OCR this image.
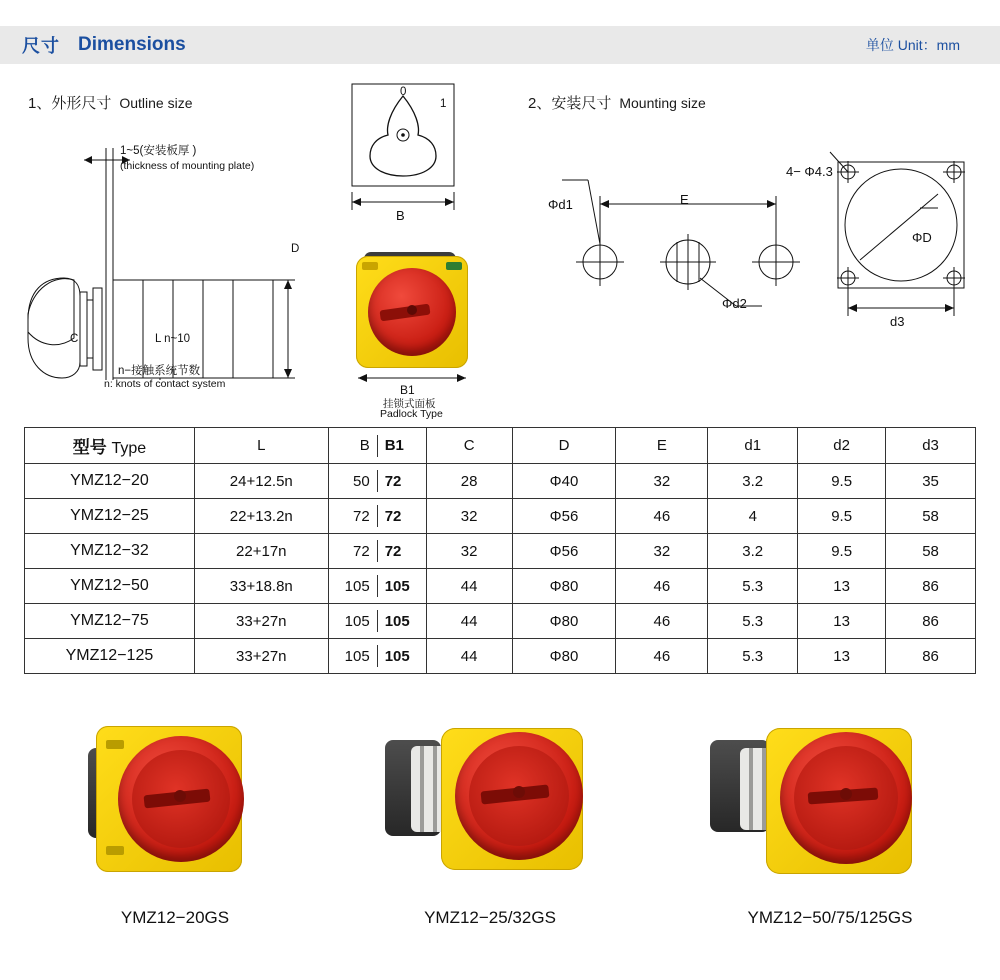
尺寸 Dimensions	单位 Unit：mm
1、外形尺寸 Outline size	2、安装尺寸 Mounting size
1~5(安装板厚 )
(thickness of mounting plate)
D
C	L n~10
n−接触系统节数
n: knots of contact system
0
1
B
B1
挂锁式面板
Padlock Type
Φd1	E
Φd2
4− Φ4.3
ΦD
d3
型号 Type	L	B B1	C	D	E	d1	d2	d3
YMZ12−20	24+12.5n	50 72	28	Φ40	32	3.2	9.5	35
YMZ12−25	22+13.2n	72 72	32	Φ56	46	4	9.5	58
YMZ12−32	22+17n	72 72	32	Φ56	32	3.2	9.5	58
YMZ12−50	33+18.8n	105 105	44	Φ80	46	5.3	13	86
YMZ12−75	33+27n	105 105	44	Φ80	46	5.3	13	86
YMZ12−125	33+27n	105 105	44	Φ80	46	5.3	13	86
YMZ12−20GS	YMZ12−25/32GS	YMZ12−50/75/125GS
